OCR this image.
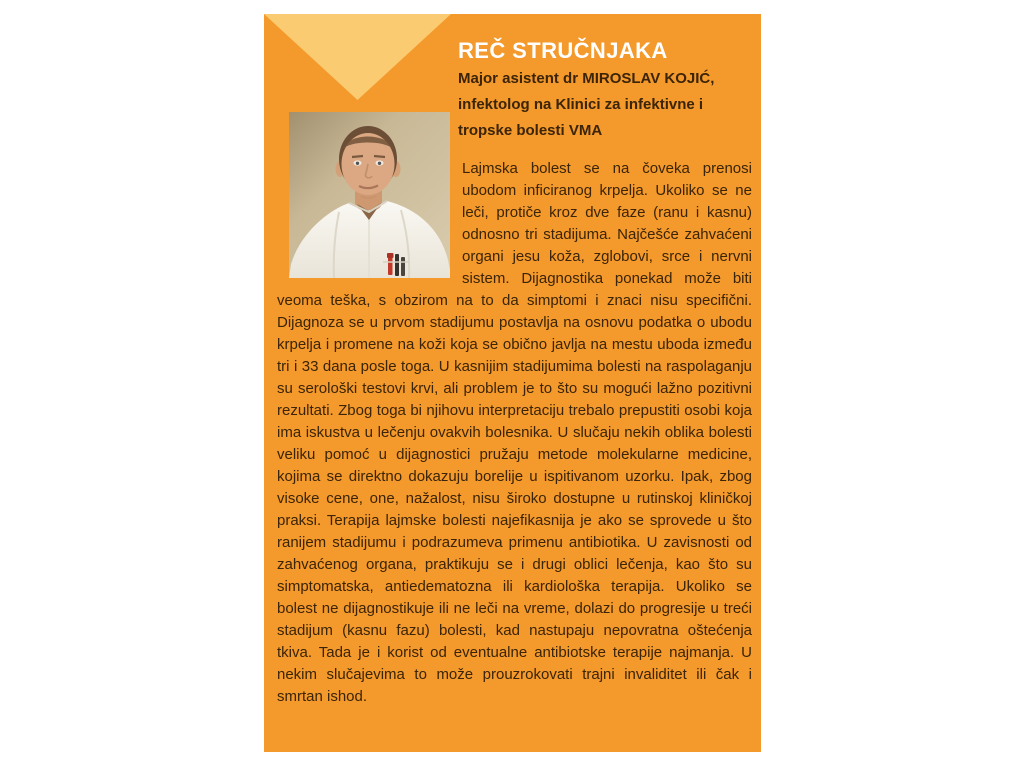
REČ STRUČNJAKA
Major asistent dr MIROSLAV KOJIĆ,
infektolog na Klinici za infektivne i
tropske bolesti VMA

Lajmska bolest se na čoveka prenosi ubodom inficiranog krpelja. Ukoliko se ne leči, protiče kroz dve faze (ranu i kasnu) odnosno tri stadijuma. Najčešće zahvaćeni organi jesu koža, zglobovi, srce i nervni sistem. Dijagnostika ponekad može biti veoma teška, s obzirom na to da simptomi i znaci nisu specifični. Dijagnoza se u prvom stadijumu postavlja na osnovu podatka o ubodu krpelja i promene na koži koja se obično javlja na mestu uboda između tri i 33 dana posle toga. U kasnijim stadijumima bolesti na raspolaganju su serološki testovi krvi, ali problem je to što su mogući lažno pozitivni rezultati. Zbog toga bi njihovu interpretaciju trebalo prepustiti osobi koja ima iskustva u lečenju ovakvih bolesnika. U slučaju nekih oblika bolesti veliku pomoć u dijagnostici pružaju metode molekularne medicine, kojima se direktno dokazuju borelije u ispitivanom uzorku. Ipak, zbog visoke cene, one, nažalost, nisu široko dostupne u rutinskoj kliničkoj praksi. Terapija lajmske bolesti najefikasnija je ako se sprovede u što ranijem stadijumu i podrazumeva primenu antibiotika. U zavisnosti od zahvaćenog organa, praktikuju se i drugi oblici lečenja, kao što su simptomatska, antiedematozna ili kardiološka terapija. Ukoliko se bolest ne dijagnostikuje ili ne leči na vreme, dolazi do progresije u treći stadijum (kasnu fazu) bolesti, kad nastupaju nepovratna oštećenja tkiva. Tada je i korist od eventualne antibiotske terapije najmanja. U nekim slučajevima to može prouzrokovati trajni invaliditet ili čak i smrtan ishod.
